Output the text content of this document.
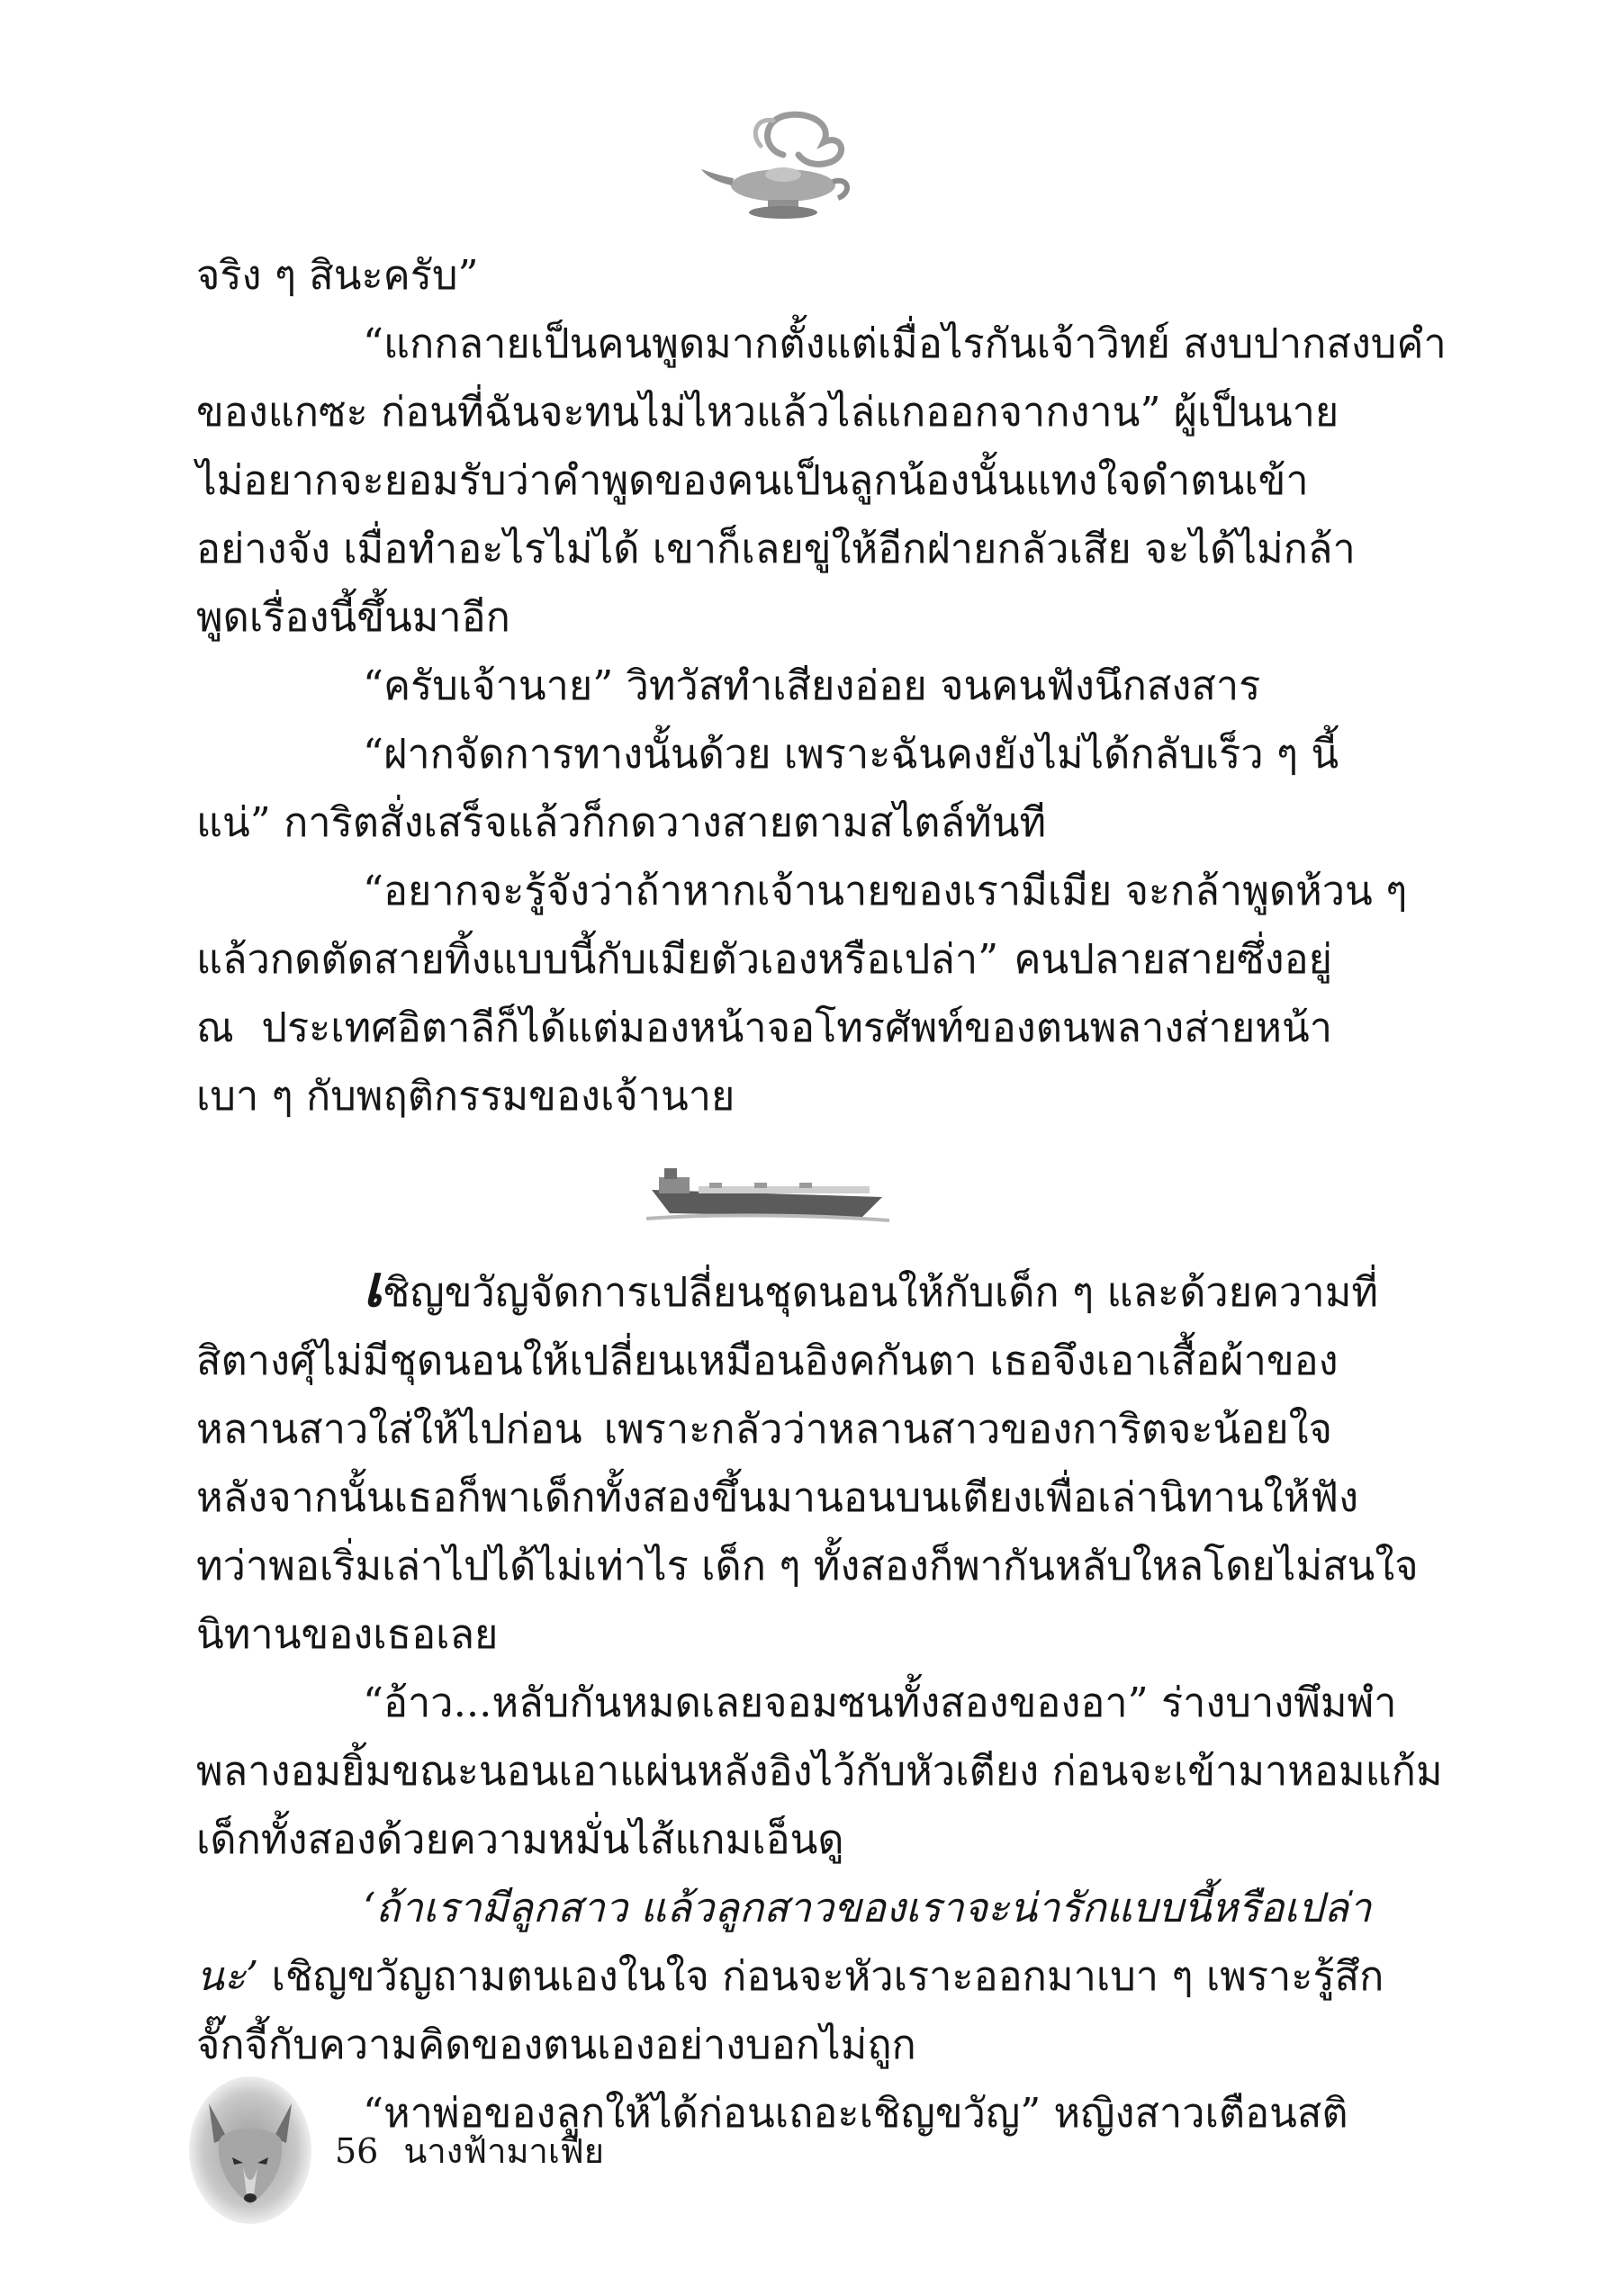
จริง ๆ สินะครับ”
“แกกลายเป็นคนพูดมากตั้งแต่เมื่อไรกันเจ้าวิทย์ สงบปากสงบคำ
ของแกซะ ก่อนที่ฉันจะทนไม่ไหวแล้วไล่แกออกจากงาน” ผู้เป็นนาย
ไม่อยากจะยอมรับว่าคำพูดของคนเป็นลูกน้องนั้นแทงใจดำตนเข้า
อย่างจัง เมื่อทำอะไรไม่ได้ เขาก็เลยขู่ให้อีกฝ่ายกลัวเสีย จะได้ไม่กล้า
พูดเรื่องนี้ขึ้นมาอีก
“ครับเจ้านาย” วิทวัสทำเสียงอ่อย จนคนฟังนึกสงสาร
“ฝากจัดการทางนั้นด้วย เพราะฉันคงยังไม่ได้กลับเร็ว ๆ นี้
แน่” การิตสั่งเสร็จแล้วก็กดวางสายตามสไตล์ทันที
“อยากจะรู้จังว่าถ้าหากเจ้านายของเรามีเมีย จะกล้าพูดห้วน ๆ
แล้วกดตัดสายทิ้งแบบนี้กับเมียตัวเองหรือเปล่า” คนปลายสายซึ่งอยู่
ณ ประเทศอิตาลีก็ได้แต่มองหน้าจอโทรศัพท์ของตนพลางส่ายหน้า
เบา ๆ กับพฤติกรรมของเจ้านาย
เชิญขวัญจัดการเปลี่ยนชุดนอนให้กับเด็ก ๆ และด้วยความที่
สิตางศุ์ไม่มีชุดนอนให้เปลี่ยนเหมือนอิงคกันตา เธอจึงเอาเสื้อผ้าของ
หลานสาวใส่ให้ไปก่อน เพราะกลัวว่าหลานสาวของการิตจะน้อยใจ
หลังจากนั้นเธอก็พาเด็กทั้งสองขึ้นมานอนบนเตียงเพื่อเล่านิทานให้ฟัง
ทว่าพอเริ่มเล่าไปได้ไม่เท่าไร เด็ก ๆ ทั้งสองก็พากันหลับใหลโดยไม่สนใจ
นิทานของเธอเลย
“อ้าว...หลับกันหมดเลยจอมซนทั้งสองของอา” ร่างบางพึมพำ
พลางอมยิ้มขณะนอนเอาแผ่นหลังอิงไว้กับหัวเตียง ก่อนจะเข้ามาหอมแก้ม
เด็กทั้งสองด้วยความหมั่นไส้แกมเอ็นดู
‘ถ้าเรามีลูกสาว แล้วลูกสาวของเราจะน่ารักแบบนี้หรือเปล่า
นะ’ เชิญขวัญถามตนเองในใจ ก่อนจะหัวเราะออกมาเบา ๆ เพราะรู้สึก
จั๊กจี้กับความคิดของตนเองอย่างบอกไม่ถูก
“หาพ่อของลูกให้ได้ก่อนเถอะเชิญขวัญ” หญิงสาวเตือนสติ
56 นางฟ้ามาเฟีย
